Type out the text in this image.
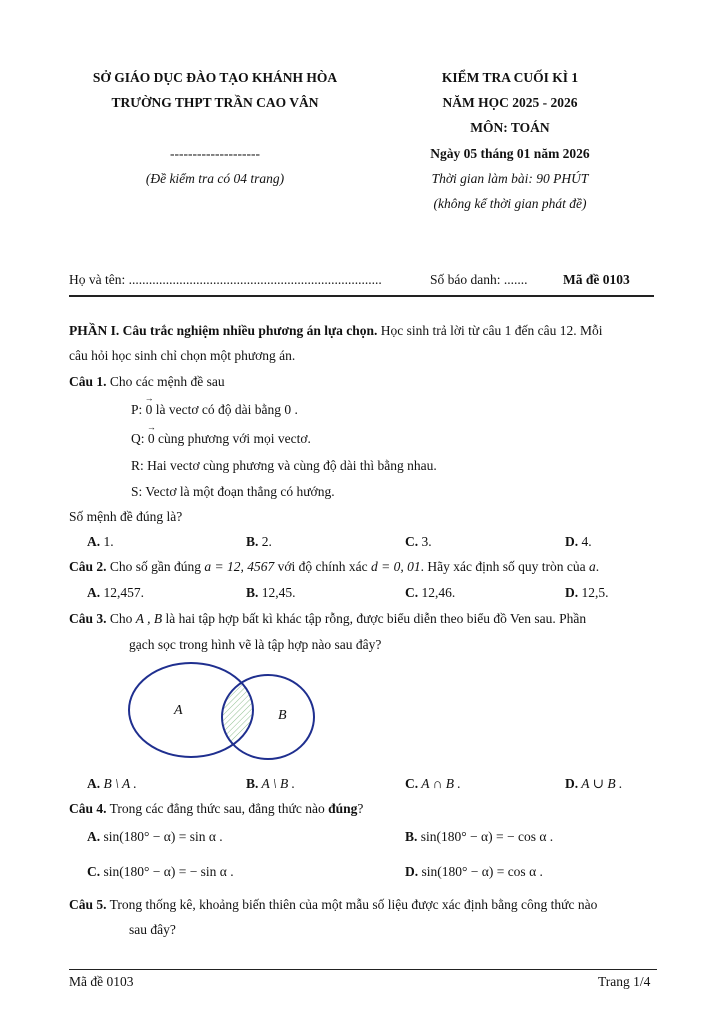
SỞ GIÁO DỤC ĐÀO TẠO KHÁNH HÒA
TRƯỜNG THPT TRẦN CAO VÂN
--------------------
(Đề kiểm tra có 04 trang)
KIỂM TRA CUỐI KÌ 1
NĂM HỌC 2025 - 2026
MÔN: TOÁN
Ngày 05 tháng 01 năm 2026
Thời gian làm bài: 90 PHÚT
(không kể thời gian phát đề)
Họ và tên: ...........................................................................	Số báo danh: .......	Mã đề 0103
PHẦN I. Câu trắc nghiệm nhiều phương án lựa chọn. Học sinh trả lời từ câu 1 đến câu 12. Mỗi
câu hỏi học sinh chỉ chọn một phương án.
Câu 1. Cho các mệnh đề sau
P: → 0 là vectơ có độ dài bằng 0 .
Q: → 0 cùng phương với mọi vectơ.
R: Hai vectơ cùng phương và cùng độ dài thì bằng nhau.
S: Vectơ là một đoạn thẳng có hướng.
Số mệnh đề đúng là?
A. 1.	B. 2.	C. 3.	D. 4.
Câu 2. Cho số gần đúng a = 12, 4567 với độ chính xác d = 0, 01. Hãy xác định số quy tròn của a.
A. 12,457.	B. 12,45.	C. 12,46.	D. 12,5.
Câu 3. Cho A , B là hai tập hợp bất kì khác tập rỗng, được biểu diễn theo biểu đồ Ven sau. Phần
gạch sọc trong hình vẽ là tập hợp nào sau đây?
A	B
A. B \ A .	B. A \ B .	C. A ∩ B .	D. A ∪ B .
Câu 4. Trong các đẳng thức sau, đẳng thức nào đúng?
A. sin(180° − α) = sin α .	B. sin(180° − α) = − cos α .
C. sin(180° − α) = − sin α .	D. sin(180° − α) = cos α .
Câu 5. Trong thống kê, khoảng biến thiên của một mẫu số liệu được xác định bằng công thức nào
sau đây?
Mã đề 0103	Trang 1/4
